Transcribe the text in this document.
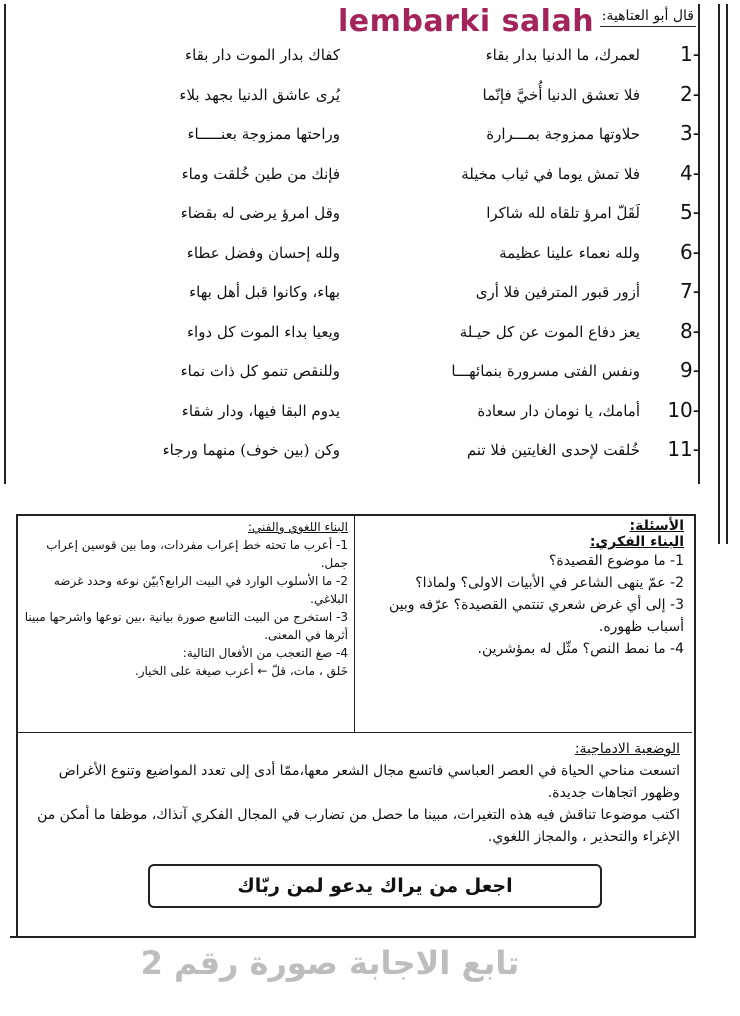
lembarki salah قال أبو العتاهية:
1-
لعمرك، ما الدنيا بدار بقاء
كفاك بدار الموت دار بقاء
2-
فلا تعشق الدنيا أُخيَّ فإنّما
يُرى عاشق الدنيا بجهد بلاء
3-
حلاوتها ممزوجة بمـــرارة
وراحتها ممزوجة بعنـــــاء
4-
فلا تمش يوما في ثياب مخيلة
فإنك من طين خُلقت وماء
5-
لَقَلّ امرؤ تلقاه لله شاكرا
وقل امرؤ يرضى له بقضاء
6-
ولله نعماء علينا عظيمة
ولله إحسان وفضل عطاء
7-
أزور قبور المترفين فلا أرى
بهاء، وكانوا قبل أهل بهاء
8-
يعز دفاع الموت عن كل حيـلة
ويعيا بداء الموت كل دواء
9-
ونفس الفتى مسرورة بنمائهـــا
وللنقص تنمو كل ذات نماء
10-
أمامك، يا نومان دار سعادة
يدوم البقا فيها، ودار شقاء
11-
خُلقت لإحدى الغايتين فلا تنم
وكن (بين خوف) منهما ورجاء
الأسئلة:
البناء الفكري:
1- ما موضوع القصيدة؟
2- عمّ ينهى الشاعر في الأبيات الاولى؟ ولماذا؟
3- إلى أي غرض شعري تنتمي القصيدة؟ عرّفه وبين أسباب ظهوره.
4- ما نمط النص؟ مثّل له بمؤشرين.
البناء اللغوي والفني:
1- أعرب ما تحته خط إعراب مفردات، وما بين قوسين إعراب جمل.
2- ما الأسلوب الوارد في البيت الرابع؟بيّن نوعه وحدد غرضه البلاغي.
3- استخرج من البيت التاسع صورة بيانية ،بين نوعها واشرحها مبينا أثرها في المعنى.
4- صغ التعجب من الأفعال التالية:
خَلق ، مات، قلّ ← أعرب صيغة على الخيار.
الوضعية الادماجية:
اتسعت مناحي الحياة في العصر العباسي فاتسع مجال الشعر معها،ممّا أدى إلى تعدد المواضيع وتنوع الأغراض وظهور اتجاهات جديدة.
اكتب موضوعا تناقش فيه هذه التغيرات، مبينا ما حصل من تضارب في المجال الفكري آنذاك، موظفا ما أمكن من الإغراء والتحذير ، والمجاز اللغوي.
اجعل من يراك يدعو لمن ربّاك
تابع الاجابة صورة رقم 2
